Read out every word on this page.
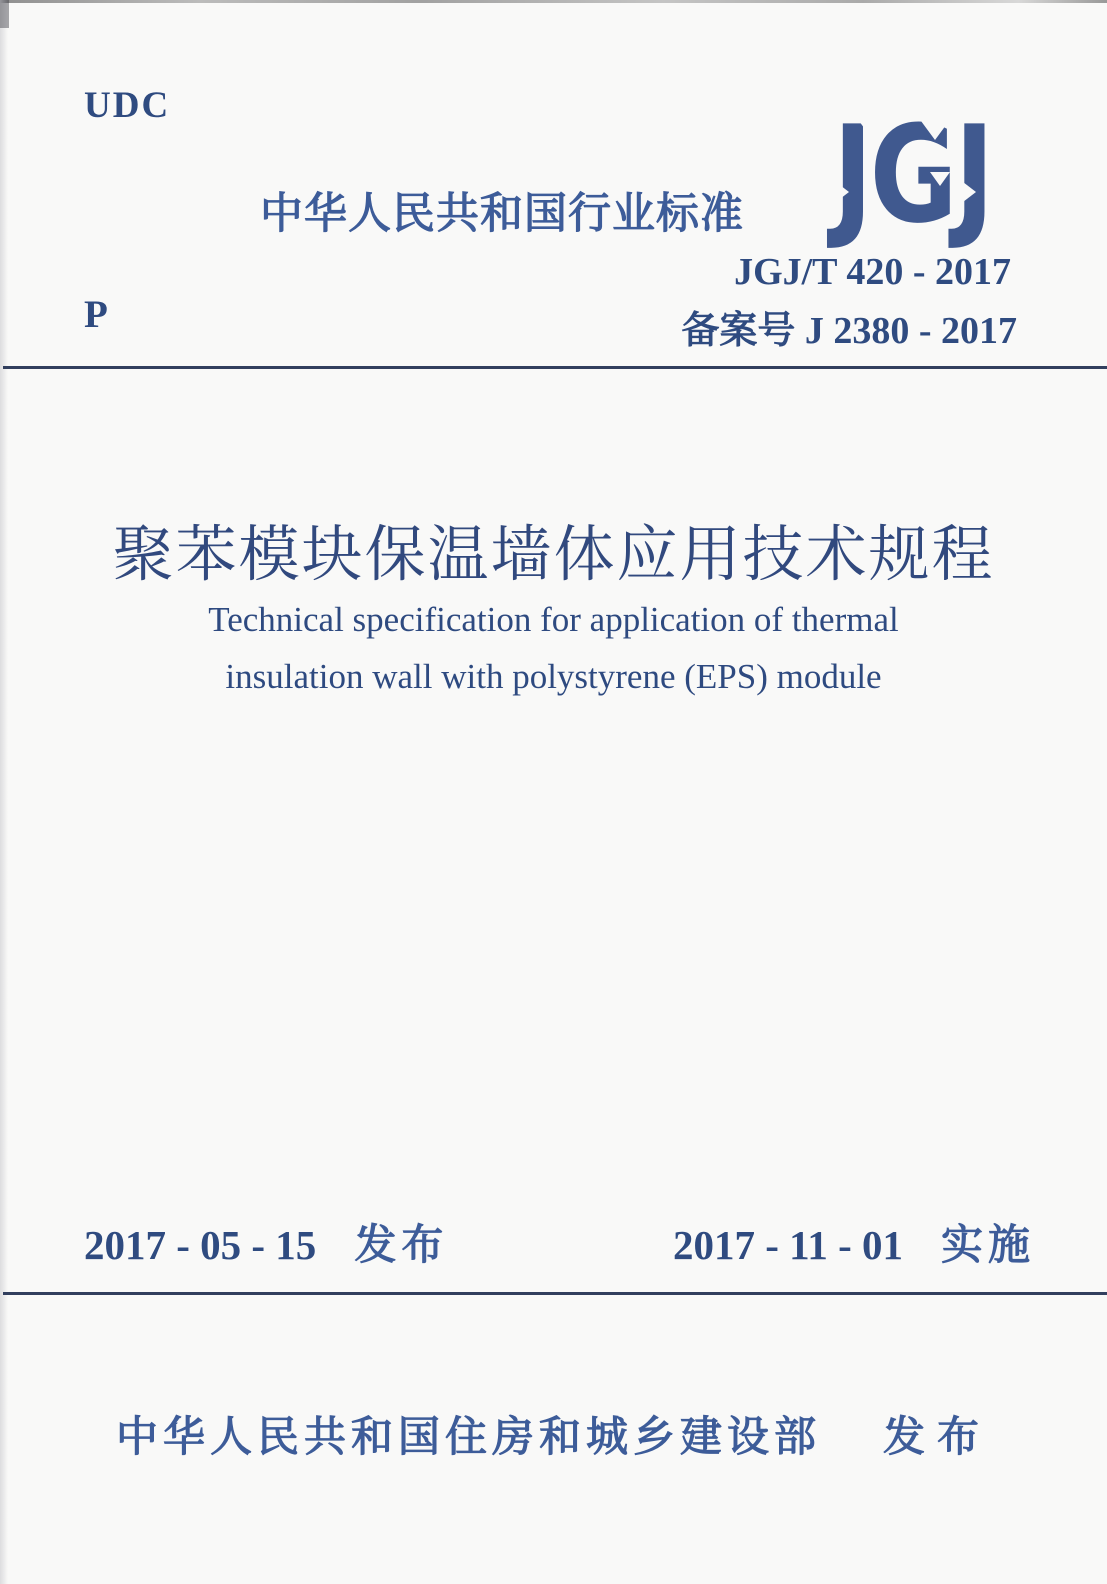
UDC
中华人民共和国行业标准 JGJ
JGJ/T 420 - 2017
备案号 J 2380 - 2017
P
聚苯模块保温墙体应用技术规程
Technical specification for application of thermal
insulation wall with polystyrene (EPS) module
2017 - 05 - 15 发布	2017 - 11 - 01 实施
中华人民共和国住房和城乡建设部 发布
